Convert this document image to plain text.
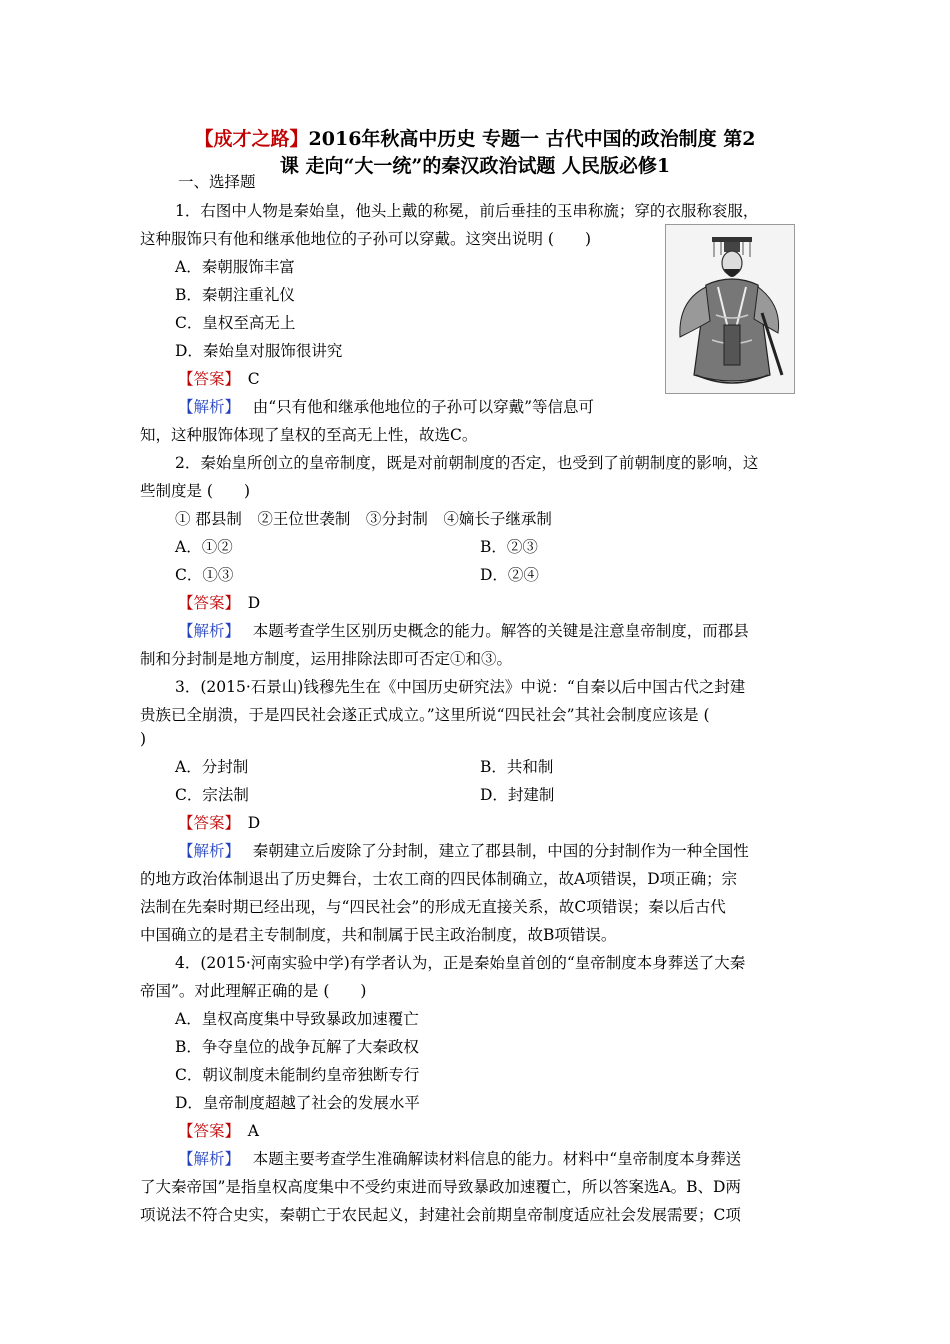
【成才之路】2016年秋高中历史 专题一 古代中国的政治制度 第2
课 走向“大一统”的秦汉政治试题 人民版必修1
一、选择题
1．右图中人物是秦始皇，他头上戴的称冕，前后垂挂的玉串称旒；穿的衣服称衮服，
这种服饰只有他和继承他地位的子孙可以穿戴。这突出说明 (　　)
A．秦朝服饰丰富
B．秦朝注重礼仪
C．皇权至高无上
D．秦始皇对服饰很讲究
【答案】　 C
【解析】　 由“只有他和继承他地位的子孙可以穿戴”等信息可
知，这种服饰体现了皇权的至高无上性，故选C。
2．秦始皇所创立的皇帝制度，既是对前朝制度的否定，也受到了前朝制度的影响，这
些制度是 (　　)
① 郡县制　②王位世袭制　③分封制　④嫡长子继承制
A．①②	B．②③
C．①③	D．②④
【答案】　 D
【解析】　 本题考查学生区别历史概念的能力。解答的关键是注意皇帝制度，而郡县
制和分封制是地方制度，运用排除法即可否定①和③。
3．(2015·石景山)钱穆先生在《中国历史研究法》中说：“自秦以后中国古代之封建
贵族已全崩溃，于是四民社会遂正式成立。”这里所说“四民社会”其社会制度应该是 (
)
A．分封制	B．共和制
C．宗法制	D．封建制
【答案】　 D
【解析】　 秦朝建立后废除了分封制，建立了郡县制，中国的分封制作为一种全国性
的地方政治体制退出了历史舞台，士农工商的四民体制确立，故A项错误，D项正确；宗
法制在先秦时期已经出现，与“四民社会”的形成无直接关系，故C项错误；秦以后古代
中国确立的是君主专制制度，共和制属于民主政治制度，故B项错误。
4．(2015·河南实验中学)有学者认为，正是秦始皇首创的“皇帝制度本身葬送了大秦
帝国”。对此理解正确的是 (　　)
A．皇权高度集中导致暴政加速覆亡
B．争夺皇位的战争瓦解了大秦政权
C．朝议制度未能制约皇帝独断专行
D．皇帝制度超越了社会的发展水平
【答案】　 A
【解析】　 本题主要考查学生准确解读材料信息的能力。材料中“皇帝制度本身葬送
了大秦帝国”是指皇权高度集中不受约束进而导致暴政加速覆亡，所以答案选A。B、D两
项说法不符合史实，秦朝亡于农民起义，封建社会前期皇帝制度适应社会发展需要；C项
